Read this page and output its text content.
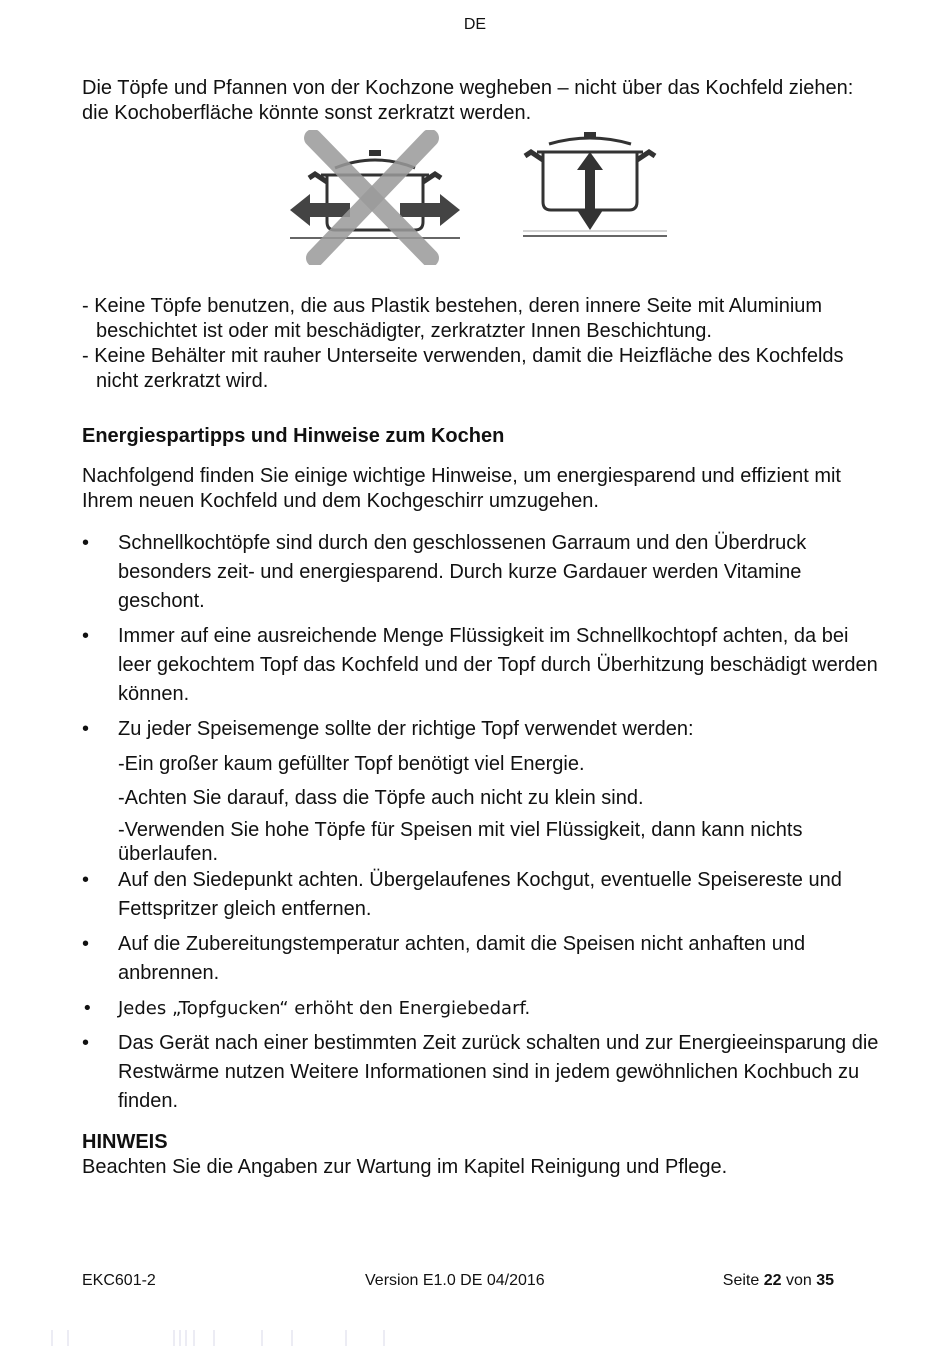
DE
Die Töpfe und Pfannen von der Kochzone wegheben – nicht über das Kochfeld ziehen: die Kochoberfläche könnte sonst zerkratzt werden.

- Keine Töpfe benutzen, die aus Plastik bestehen, deren innere Seite mit Aluminium beschichtet ist oder mit beschädigter, zerkratzter Innen Beschichtung.

- Keine Behälter mit rauher Unterseite verwenden, damit die Heizfläche des Kochfelds nicht zerkratzt wird.

Energiespartipps und Hinweise zum Kochen
Nachfolgend finden Sie einige wichtige Hinweise, um energiesparend und effizient mit Ihrem neuen Kochfeld und dem Kochgeschirr umzugehen.
• Schnellkochtöpfe sind durch den geschlossenen Garraum und den Überdruck besonders zeit- und energiesparend. Durch kurze Gardauer werden Vitamine geschont.
• Immer auf eine ausreichende Menge Flüssigkeit im Schnellkochtopf achten, da bei leer gekochtem Topf das Kochfeld und der Topf durch Überhitzung beschädigt werden können.
• Zu jeder Speisemenge sollte der richtige Topf verwendet werden:
-Ein großer kaum gefüllter Topf benötigt viel Energie.
-Achten Sie darauf, dass die Töpfe auch nicht zu klein sind.
-Verwenden Sie hohe Töpfe für Speisen mit viel Flüssigkeit, dann kann nichts überlaufen.
• Auf den Siedepunkt achten. Übergelaufenes Kochgut, eventuelle Speisereste und Fettspritzer gleich entfernen.
• Auf die Zubereitungstemperatur achten, damit die Speisen nicht anhaften und anbrennen.
• Jedes „Topfgucken“ erhöht den Energiebedarf.
• Das Gerät nach einer bestimmten Zeit zurück schalten und zur Energieeinsparung die Restwärme nutzen Weitere Informationen sind in jedem gewöhnlichen Kochbuch zu finden.
HINWEIS
Beachten Sie die Angaben zur Wartung im Kapitel Reinigung und Pflege.
EKC601-2	Version E1.0 DE 04/2016	Seite 22 von 35
